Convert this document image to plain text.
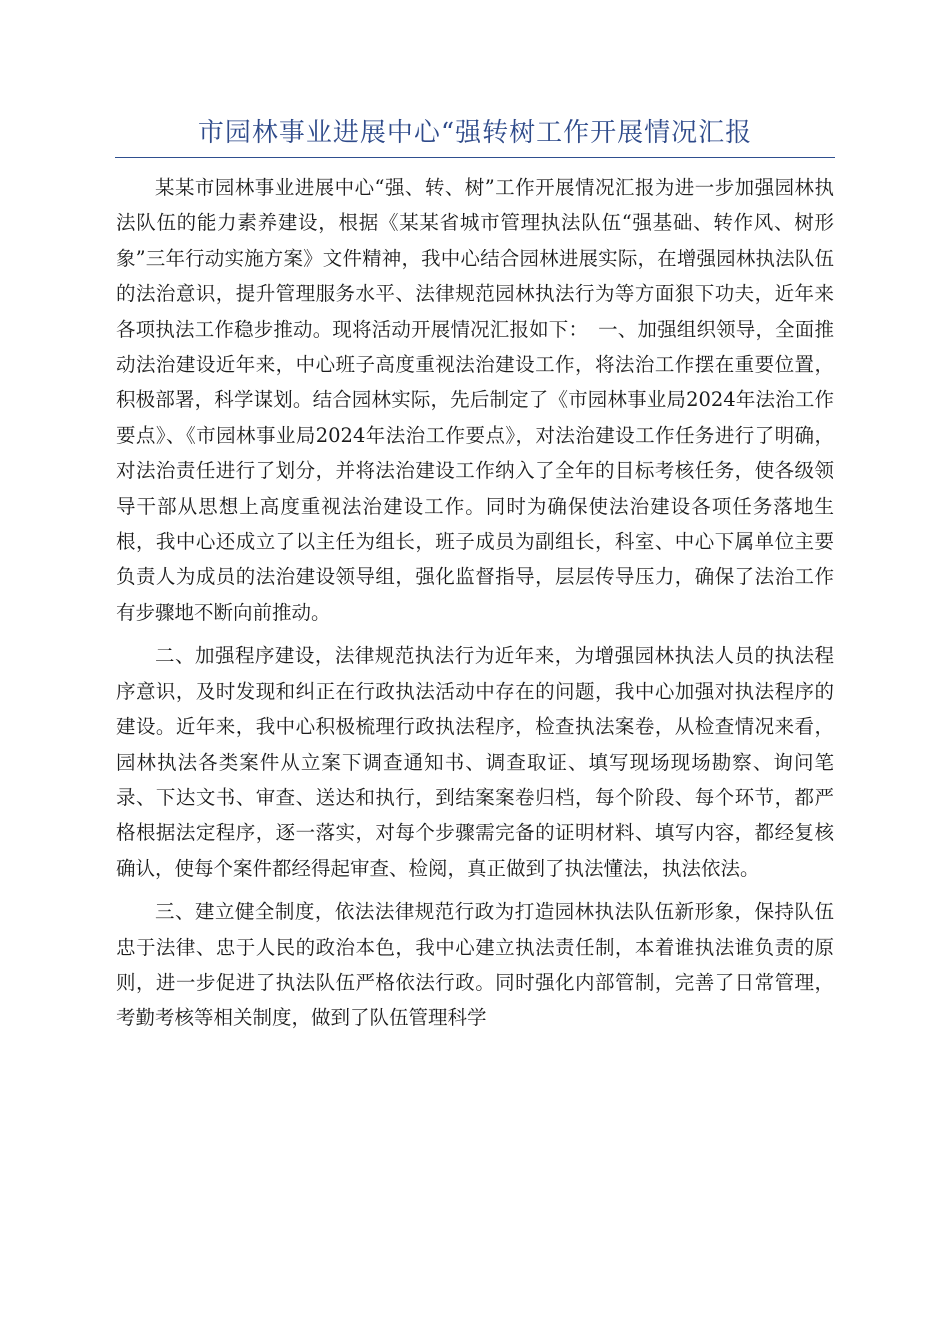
市园林事业进展中心“强转树工作开展情况汇报

某某市园林事业进展中心“强、转、树”工作开展情况汇报为进一步加强园林执法队伍的能力素养建设，根据《某某省城市管理执法队伍“强基础、转作风、树形象”三年行动实施方案》文件精神，我中心结合园林进展实际，在增强园林执法队伍的法治意识，提升管理服务水平、法律规范园林执法行为等方面狠下功夫，近年来各项执法工作稳步推动。现将活动开展情况汇报如下：　一、加强组织领导，全面推动法治建设近年来，中心班子高度重视法治建设工作，将法治工作摆在重要位置，积极部署，科学谋划。结合园林实际，先后制定了《市园林事业局2024年法治工作要点》、《市园林事业局2024年法治工作要点》，对法治建设工作任务进行了明确，对法治责任进行了划分，并将法治建设工作纳入了全年的目标考核任务，使各级领导干部从思想上高度重视法治建设工作。同时为确保使法治建设各项任务落地生根，我中心还成立了以主任为组长，班子成员为副组长，科室、中心下属单位主要负责人为成员的法治建设领导组，强化监督指导，层层传导压力，确保了法治工作有步骤地不断向前推动。

二、加强程序建设，法律规范执法行为近年来，为增强园林执法人员的执法程序意识，及时发现和纠正在行政执法活动中存在的问题，我中心加强对执法程序的建设。近年来，我中心积极梳理行政执法程序，检查执法案卷，从检查情况来看，园林执法各类案件从立案下调查通知书、调查取证、填写现场现场勘察、询问笔录、下达文书、审查、送达和执行，到结案案卷归档，每个阶段、每个环节，都严格根据法定程序，逐一落实，对每个步骤需完备的证明材料、填写内容，都经复核确认，使每个案件都经得起审查、检阅，真正做到了执法懂法，执法依法。

三、建立健全制度，依法法律规范行政为打造园林执法队伍新形象，保持队伍忠于法律、忠于人民的政治本色，我中心建立执法责任制，本着谁执法谁负责的原则，进一步促进了执法队伍严格依法行政。同时强化内部管制，完善了日常管理，考勤考核等相关制度，做到了队伍管理科学
